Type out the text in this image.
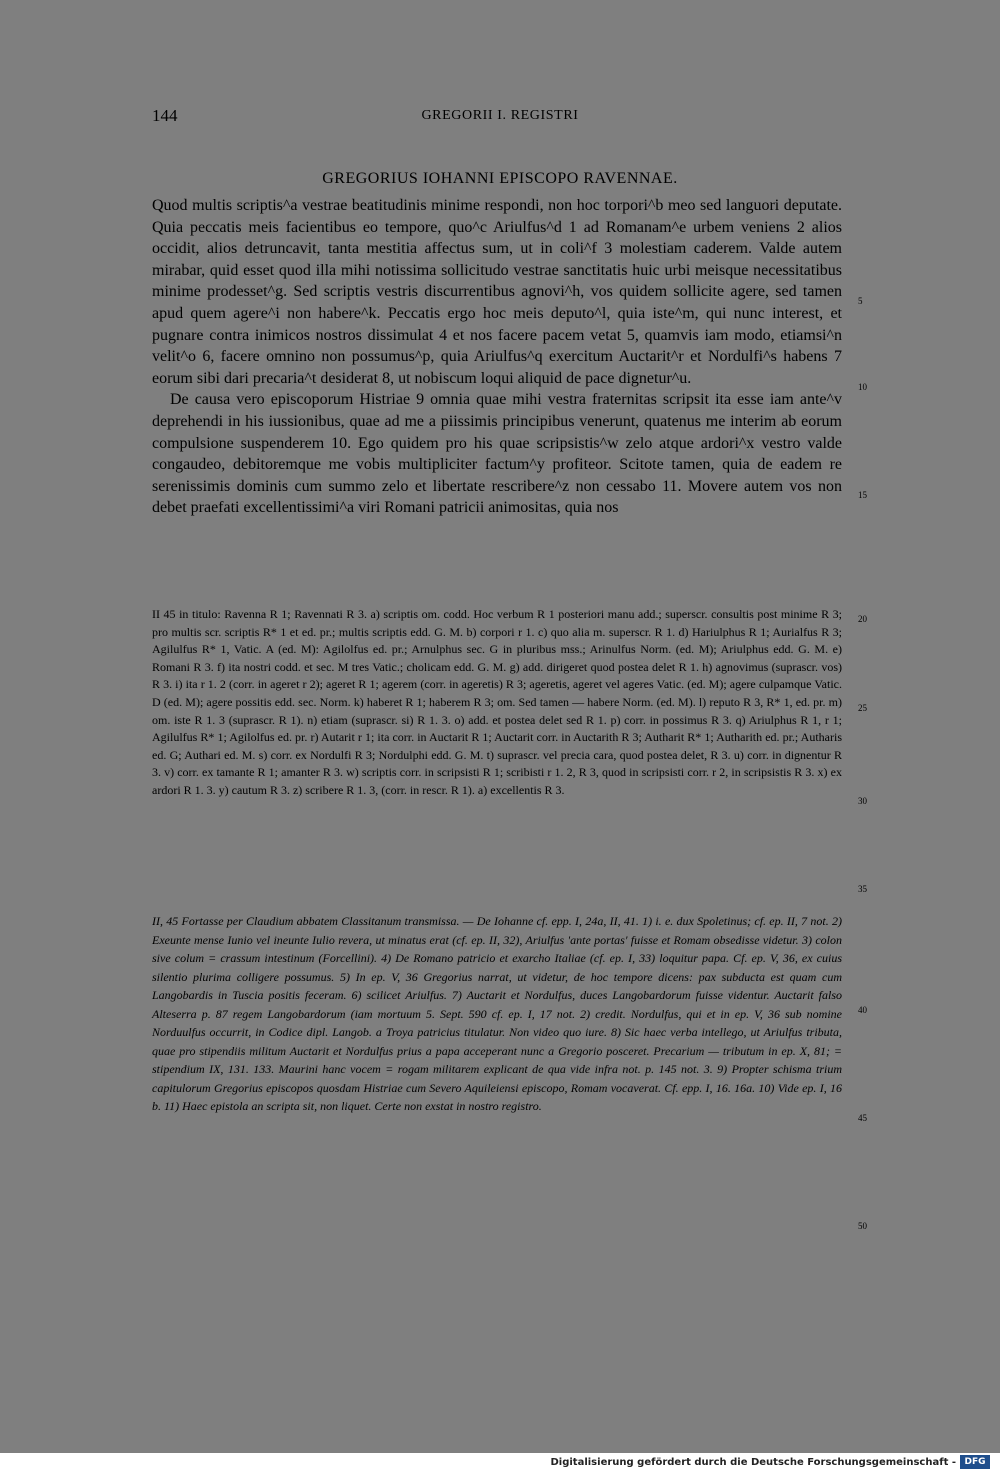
144	GREGORII I. REGISTRI
GREGORIUS IOHANNI EPISCOPO RAVENNAE.

Quod multis scriptis^a vestrae beatitudinis minime respondi, non hoc torpori^b meo sed languori deputate. Quia peccatis meis facientibus eo tempore, quo^c Ariulfus^d 1 ad Romanam^e urbem veniens 2 alios occidit, alios detruncavit, tanta mestitia affectus sum, ut in coli^f 3 molestiam caderem. Valde autem mirabar, quid esset quod illa mihi notissima sollicitudo vestrae sanctitatis huic urbi meisque necessitatibus minime prodesset^g. Sed scriptis vestris discurrentibus agnovi^h, vos quidem sollicite agere, sed tamen apud quem agere^i non habere^k. Peccatis ergo hoc meis deputo^l, quia iste^m, qui nunc interest, et pugnare contra inimicos nostros dissimulat 4 et nos facere pacem vetat 5, quamvis iam modo, etiamsi^n velit^o 6, facere omnino non possumus^p, quia Ariulfus^q exercitum Auctarit^r et Nordulfi^s habens 7 eorum sibi dari precaria^t desiderat 8, ut nobiscum loqui aliquid de pace dignetur^u.

De causa vero episcoporum Histriae 9 omnia quae mihi vestra fraternitas scripsit ita esse iam ante^v deprehendi in his iussionibus, quae ad me a piissimis principibus venerunt, quatenus me interim ab eorum compulsione suspenderem 10. Ego quidem pro his quae scripsistis^w zelo atque ardori^x vestro valde congaudeo, debitoremque me vobis multipliciter factum^y profiteor. Scitote tamen, quia de eadem re serenissimis dominis cum summo zelo et libertate rescribere^z non cessabo 11. Movere autem vos non debet praefati excellentissimi^a viri Romani patricii animositas, quia nos

II 45 in titulo: Ravenna R 1; Ravennati R 3. a) scriptis om. codd. Hoc verbum R 1 posteriori manu add.; superscr. consultis post minime R 3; pro multis scr. scriptis R* 1 et ed. pr.; multis scriptis edd. G. M. b) corpori r 1. c) quo alia m. superscr. R 1. d) Hariulphus R 1; Aurialfus R 3; Agilulfus R* 1, Vatic. A (ed. M): Agilolfus ed. pr.; Arnulphus sec. G in pluribus mss.; Arinulfus Norm. (ed. M); Ariulphus edd. G. M. e) Romani R 3. f) ita nostri codd. et sec. M tres Vatic.; cholicam edd. G. M. g) add. dirigeret quod postea delet R 1. h) agnovimus (suprascr. vos) R 3. i) ita r 1. 2 (corr. in ageret r 2); ageret R 1; agerem (corr. in ageretis) R 3; ageretis, ageret vel ageres Vatic. (ed. M); agere culpamque Vatic. D (ed. M); agere possitis edd. sec. Norm. k) haberet R 1; haberem R 3; om. Sed tamen — habere Norm. (ed. M). l) reputo R 3, R* 1, ed. pr. m) om. iste R 1. 3 (suprascr. R 1). n) etiam (suprascr. si) R 1. 3. o) add. et postea delet sed R 1. p) corr. in possimus R 3. q) Ariulphus R 1, r 1; Agilulfus R* 1; Agilolfus ed. pr. r) Autarit r 1; ita corr. in Auctarit R 1; Auctarit corr. in Auctarith R 3; Autharit R* 1; Autharith ed. pr.; Autharis ed. G; Authari ed. M. s) corr. ex Nordulfi R 3; Nordulphi edd. G. M. t) suprascr. vel precia cara, quod postea delet, R 3. u) corr. in dignentur R 3. v) corr. ex tamante R 1; amanter R 3. w) scriptis corr. in scripsisti R 1; scribisti r 1. 2, R 3, quod in scripsisti corr. r 2, in scripsistis R 3. x) ex ardori R 1. 3. y) cautum R 3. z) scribere R 1. 3, (corr. in rescr. R 1). a) excellentis R 3.
II, 45 Fortasse per Claudium abbatem Classitanum transmissa. — De Iohanne cf. epp. I, 24a, II, 41. 1) i. e. dux Spoletinus; cf. ep. II, 7 not. 2) Exeunte mense Iunio vel ineunte Iulio revera, ut minatus erat (cf. ep. II, 32), Ariulfus 'ante portas' fuisse et Romam obsedisse videtur. 3) colon sive colum = crassum intestinum (Forcellini). 4) De Romano patricio et exarcho Italiae (cf. ep. I, 33) loquitur papa. Cf. ep. V, 36, ex cuius silentio plurima colligere possumus. 5) In ep. V, 36 Gregorius narrat, ut videtur, de hoc tempore dicens: pax subducta est quam cum Langobardis in Tuscia positis feceram. 6) scilicet Ariulfus. 7) Auctarit et Nordulfus, duces Langobardorum fuisse videntur. Auctarit falso Alteserra p. 87 regem Langobardorum (iam mortuum 5. Sept. 590 cf. ep. I, 17 not. 2) credit. Nordulfus, qui et in ep. V, 36 sub nomine Norduulfus occurrit, in Codice dipl. Langob. a Troya patricius titulatur. Non video quo iure. 8) Sic haec verba intellego, ut Ariulfus tributa, quae pro stipendiis militum Auctarit et Nordulfus prius a papa acceperant nunc a Gregorio posceret. Precarium — tributum in ep. X, 81; = stipendium IX, 131. 133. Maurini hanc vocem = rogam militarem explicant de qua vide infra not. p. 145 not. 3. 9) Propter schisma trium capitulorum Gregorius episcopos quosdam Histriae cum Severo Aquileiensi episcopo, Romam vocaverat. Cf. epp. I, 16. 16a. 10) Vide ep. I, 16 b. 11) Haec epistola an scripta sit, non liquet. Certe non exstat in nostro registro.
5
10
15
20
25
30
35
40
45
50
Digitalisierung gefördert durch die Deutsche Forschungsgemeinschaft - DFG
